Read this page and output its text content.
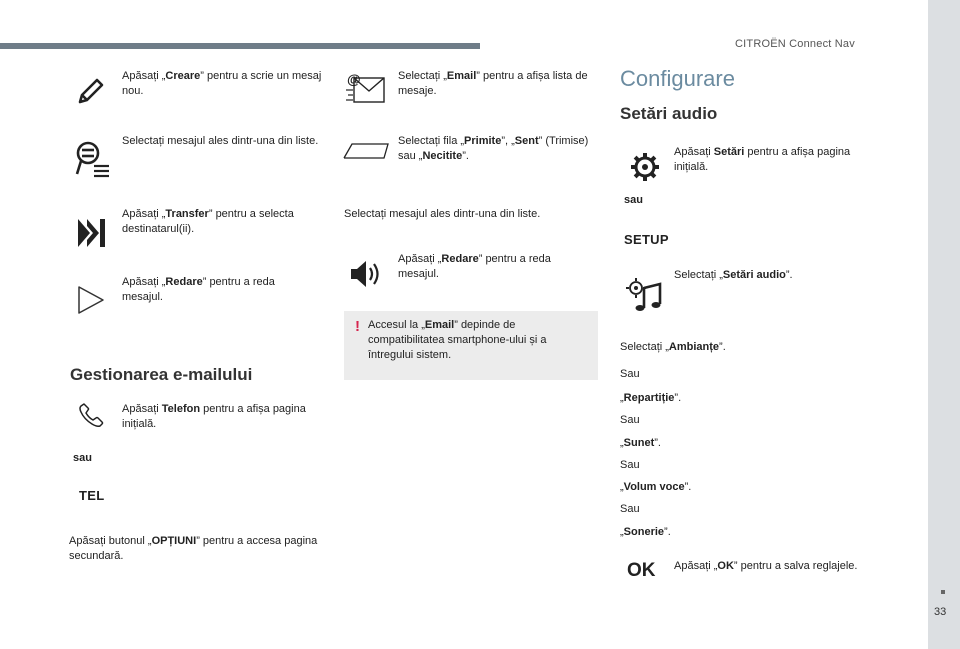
CITROËN Connect Nav
33
Apăsați „Creare” pentru a scrie un mesaj nou.
Selectați mesajul ales dintr-una din liste.
Apăsați „Transfer” pentru a selecta destinatarul(ii).
Apăsați „Redare” pentru a reda mesajul.
Gestionarea e-mailului
Apăsați Telefon pentru a afișa pagina inițială.
sau
TEL
Apăsați butonul „OPȚIUNI” pentru a accesa pagina secundară.
@	Selectați „Email” pentru a afișa lista de mesaje.
Selectați fila „Primite”, „Sent” (Trimise) sau „Necitite”.
Selectați mesajul ales dintr-una din liste.
Apăsați „Redare” pentru a reda mesajul.
! Accesul la „Email” depinde de compatibilitatea smartphone-ului și a întregului sistem.
Configurare
Setări audio
Apăsați Setări pentru a afișa pagina inițială.
sau
SETUP
Selectați „Setări audio”.
Selectați „Ambianțe”.
Sau
„Repartiție”.
Sau
„Sunet”.
Sau
„Volum voce”.
Sau
„Sonerie”.
OK Apăsați „OK” pentru a salva reglajele.
